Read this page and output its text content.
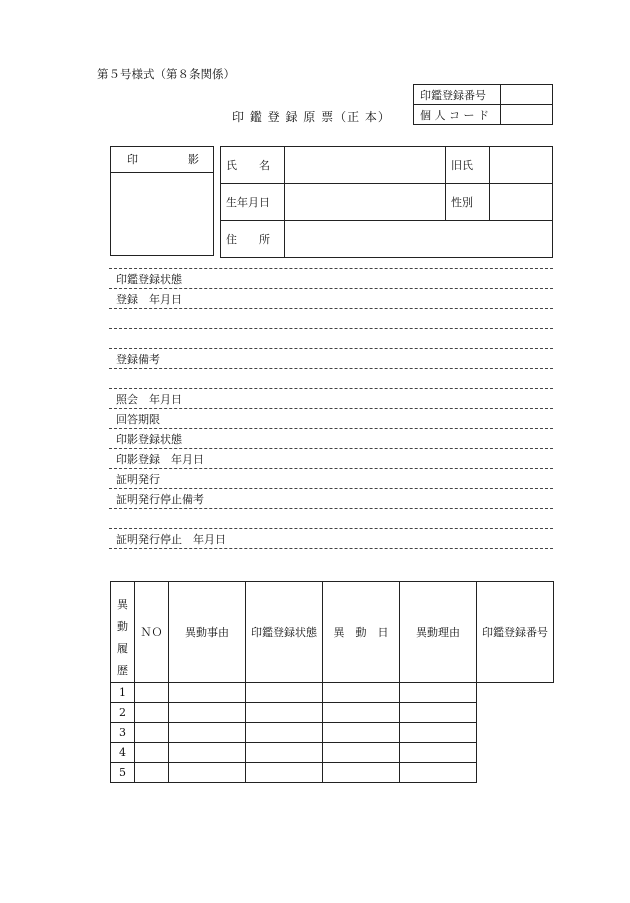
第５号様式（第８条関係）
印 鑑 登 録 原 票（正 本）
印鑑登録番号	
個 人 コ ー ド	
印	影 氏　　名		旧氏	
生年月日		性別	
住　　所			
印鑑登録状態
登録　年月日
登録備考
照会　年月日
回答期限
印影登録状態
印影登録　年月日
証明発行
証明発行停止備考
証明発行停止　年月日
異
動
履
歴	ＮＯ	異動事由	印鑑登録状態	異　動　日	異動理由	印鑑登録番号
1						
2						
3						
4						
5						
